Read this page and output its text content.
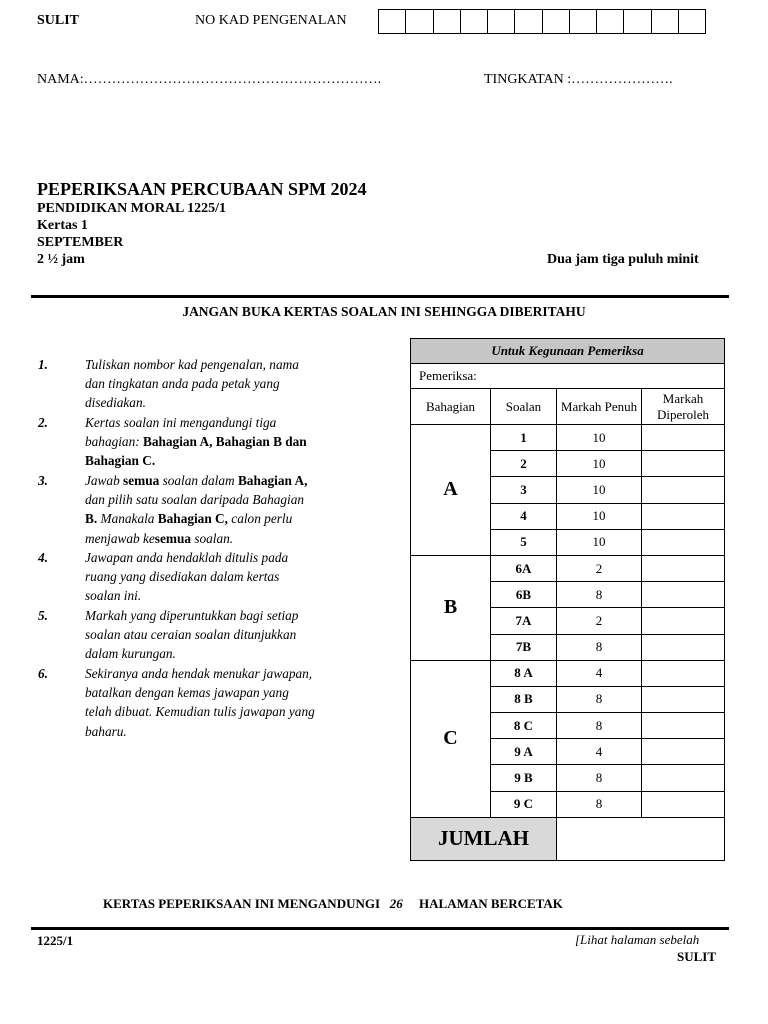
SULIT	NO KAD PENGENALAN
NAMA:……………………………………………………….	TINGKATAN :………………….
PEPERIKSAAN PERCUBAAN SPM 2024
PENDIDIKAN MORAL 1225/1
Kertas 1
SEPTEMBER
2 ½ jam	Dua jam tiga puluh minit
JANGAN BUKA KERTAS SOALAN INI SEHINGGA DIBERITAHU
1.	Tuliskan nombor kad pengenalan, nama
dan tingkatan anda pada petak yang
disediakan.
2.	Kertas soalan ini mengandungi tiga
bahagian: Bahagian A, Bahagian B dan
Bahagian C.
3.	Jawab semua soalan dalam Bahagian A,
dan pilih satu soalan daripada Bahagian
B. Manakala Bahagian C, calon perlu
menjawab kesemua soalan.
4.	Jawapan anda hendaklah ditulis pada
ruang yang disediakan dalam kertas
soalan ini.
5.	Markah yang diperuntukkan bagi setiap
soalan atau ceraian soalan ditunjukkan
dalam kurungan.
6.	Sekiranya anda hendak menukar jawapan,
batalkan dengan kemas jawapan yang
telah dibuat. Kemudian tulis jawapan yang
baharu.
Untuk Kegunaan Pemeriksa			
Pemeriksa:			
Bahagian	Soalan	Markah Penuh	Markah Diperoleh
A	1	10	
	2	10	
	3	10	
	4	10	
	5	10	
B	6A	2	
	6B	8	
	7A	2	
	7B	8	
C	8 A	4	
	8 B	8	
	8 C	8	
	9 A	4	
	9 B	8	
	9 C	8	
JUMLAH			
KERTAS PEPERIKSAAN INI MENGANDUNGI 26 HALAMAN BERCETAK
1225/1	[Lihat halaman sebelah
SULIT
